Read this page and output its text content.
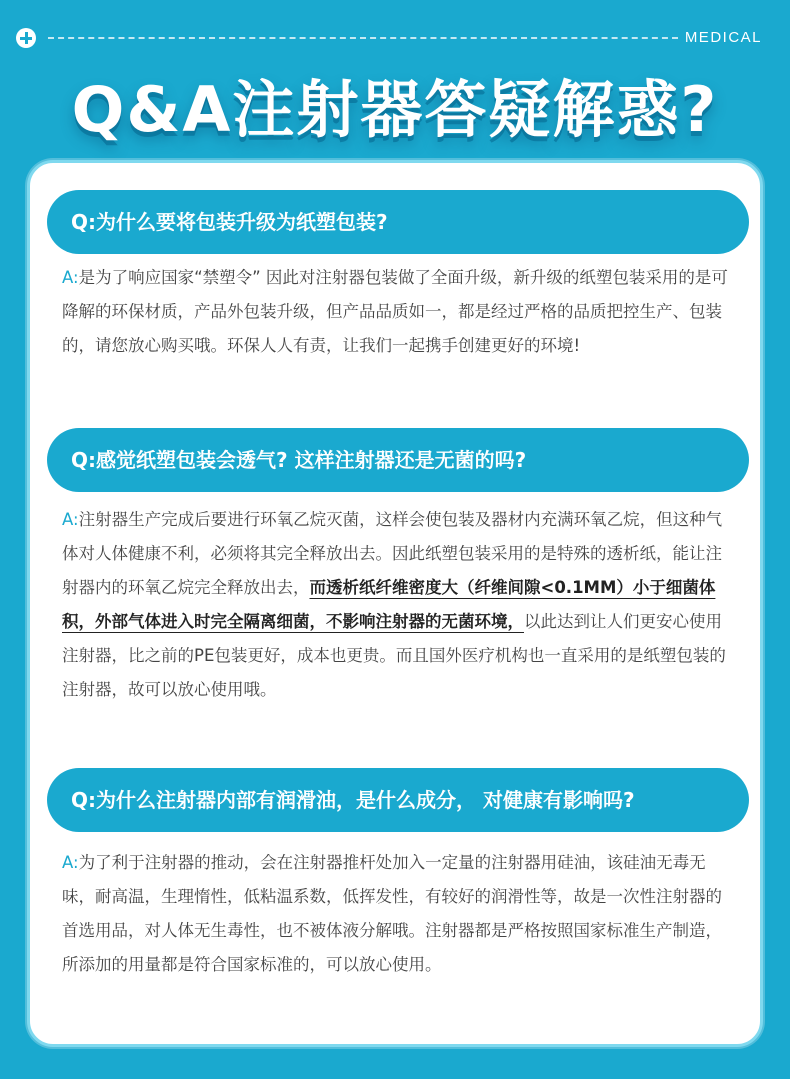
MEDICAL
Q&A注射器答疑解惑?
Q:为什么要将包装升级为纸塑包装?

A:是为了响应国家“禁塑令” 因此对注射器包装做了全面升级，新升级的纸塑包装采用的是可降解的环保材质，产品外包装升级，但产品品质如一，都是经过严格的品质把控生产、包装的，请您放心购买哦。环保人人有责，让我们一起携手创建更好的环境!

Q:感觉纸塑包装会透气? 这样注射器还是无菌的吗?

A:注射器生产完成后要进行环氧乙烷灭菌，这样会使包装及器材内充满环氧乙烷，但这种气体对人体健康不利，必须将其完全释放出去。因此纸塑包装采用的是特殊的透析纸，能让注射器内的环氧乙烷完全释放出去，而透析纸纤维密度大（纤维间隙<0.1MM）小于细菌体积，外部气体进入时完全隔离细菌，不影响注射器的无菌环境，以此达到让人们更安心使用注射器，比之前的PE包装更好，成本也更贵。而且国外医疗机构也一直采用的是纸塑包装的注射器，故可以放心使用哦。

Q:为什么注射器内部有润滑油，是什么成分， 对健康有影响吗?

A:为了利于注射器的推动，会在注射器推杆处加入一定量的注射器用硅油，该硅油无毒无味，耐高温，生理惰性，低粘温系数，低挥发性，有较好的润滑性等，故是一次性注射器的首选用品，对人体无生毒性，也不被体液分解哦。注射器都是严格按照国家标准生产制造，所添加的用量都是符合国家标准的，可以放心使用。
